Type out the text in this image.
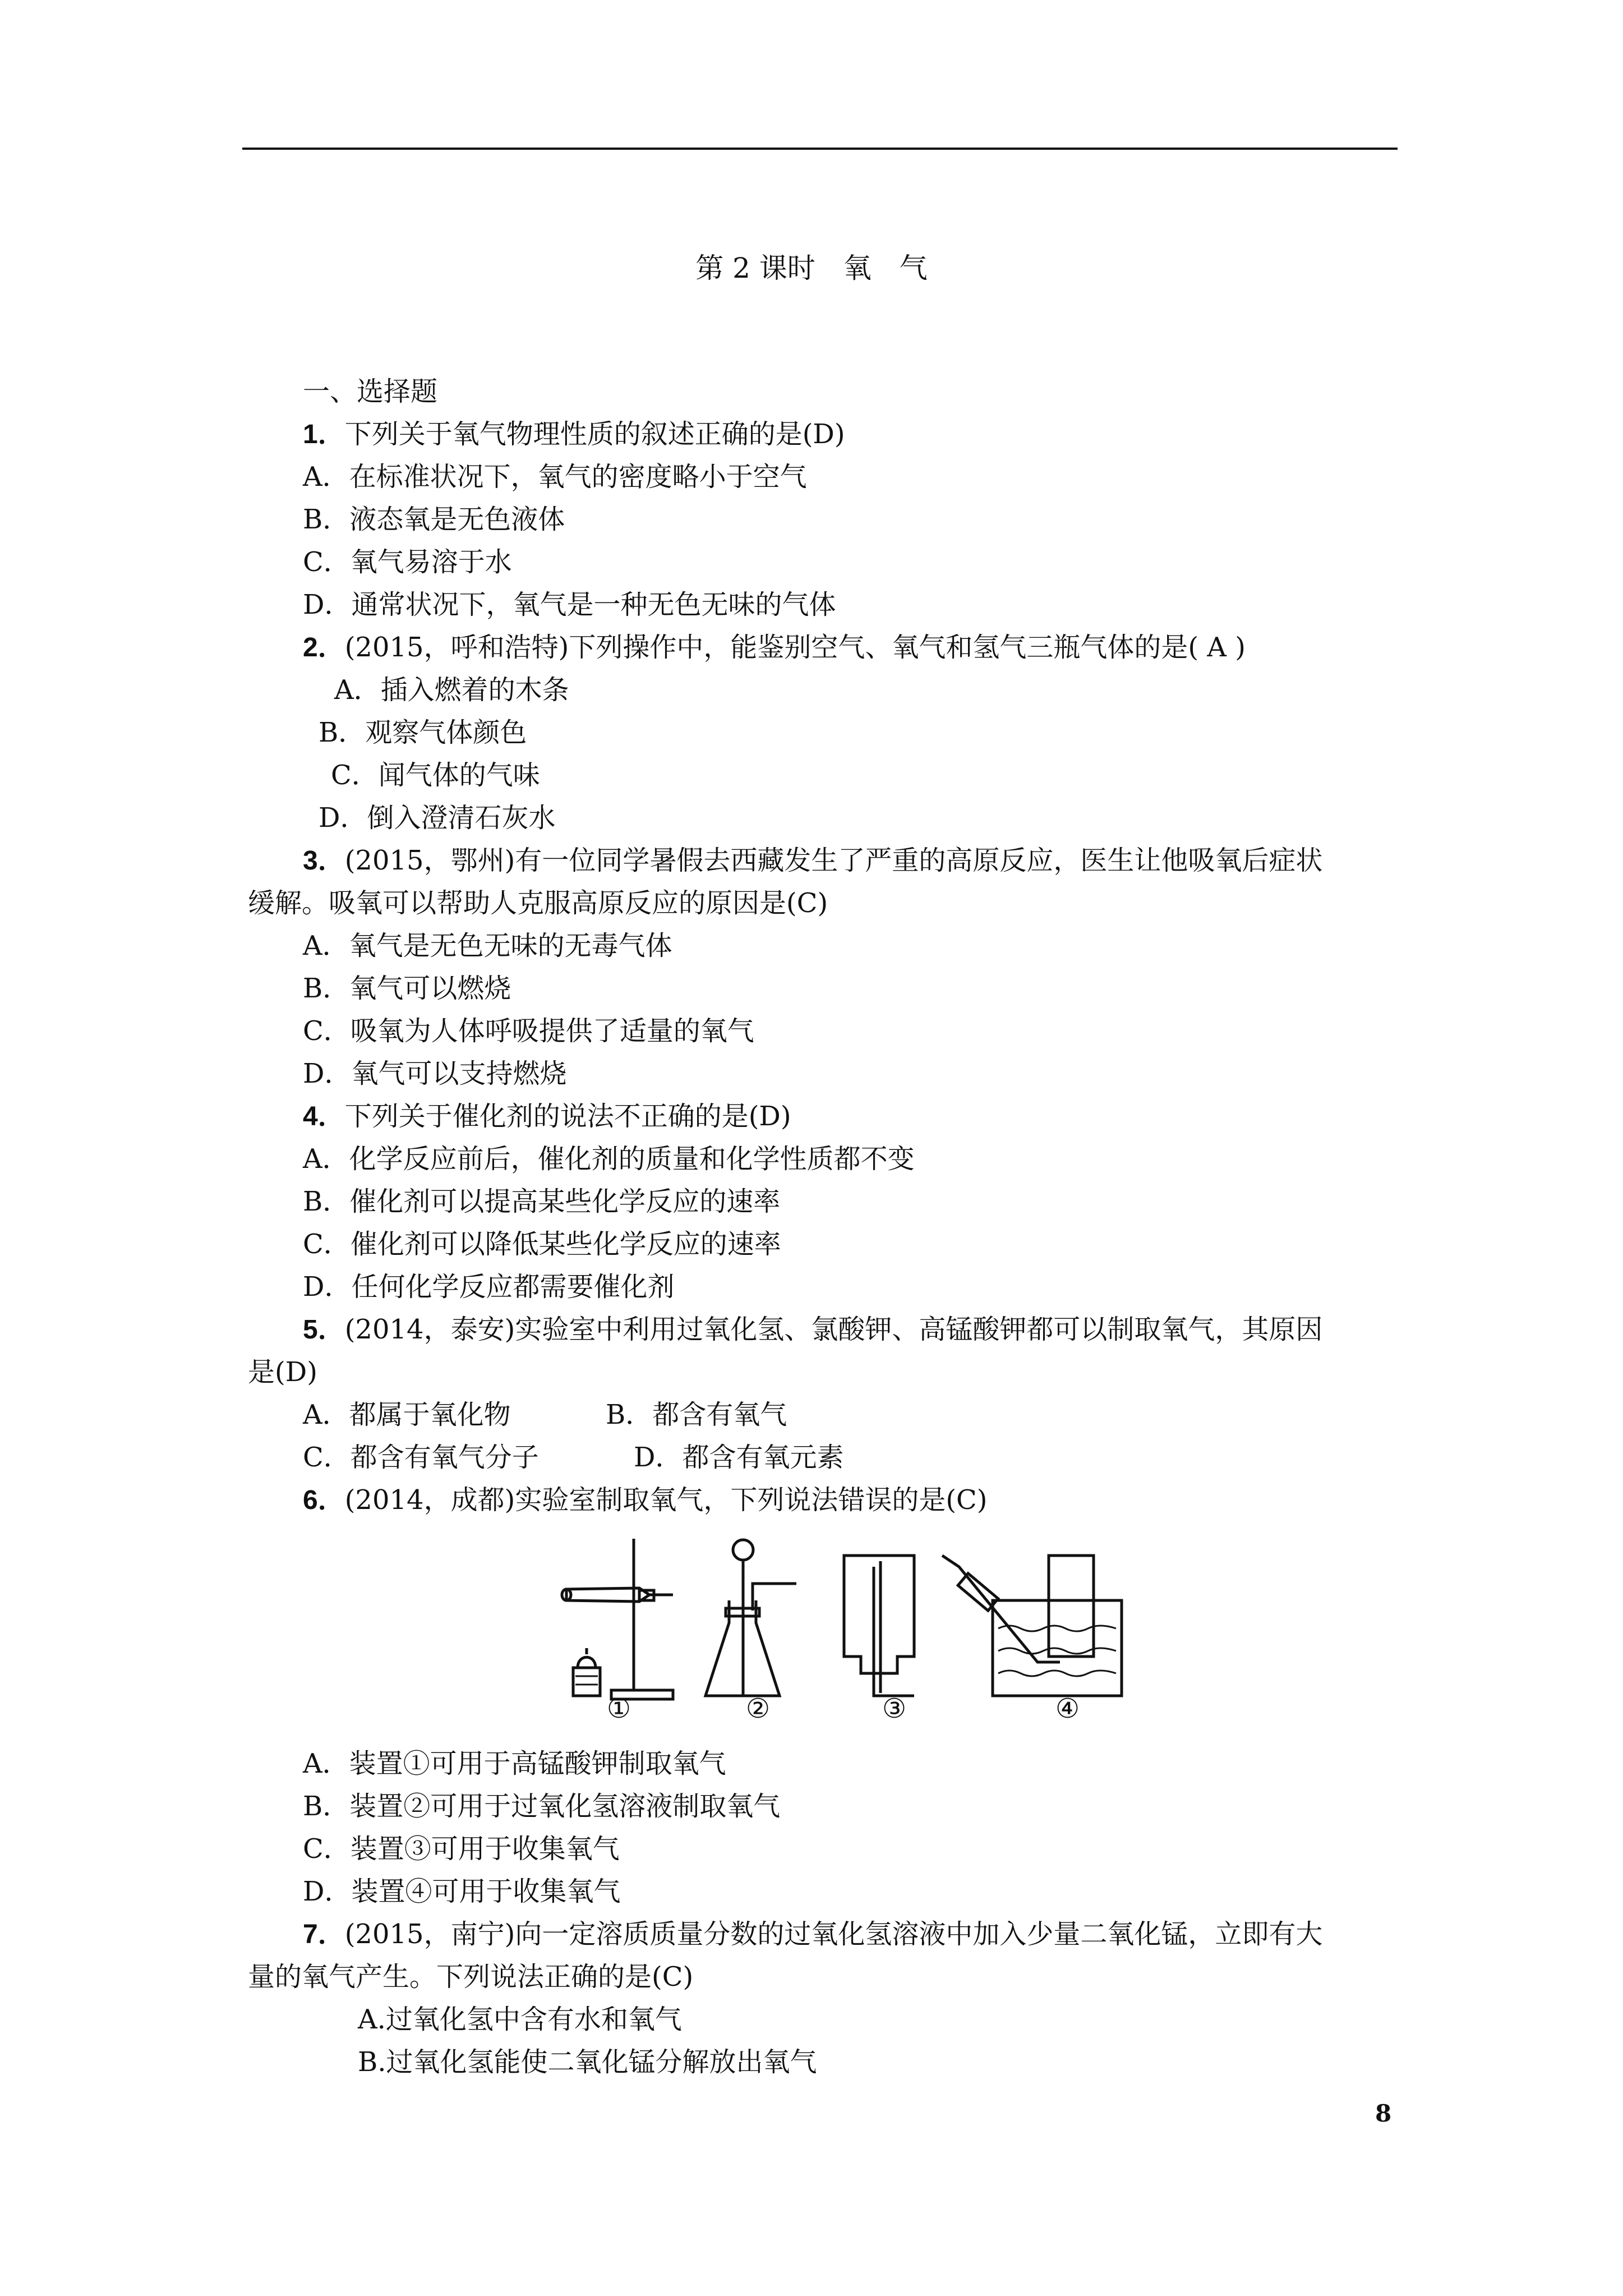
第 2 课时　氧　气
一、选择题
1．下列关于氧气物理性质的叙述正确的是(D)
A．在标准状况下，氧气的密度略小于空气
B．液态氧是无色液体
C．氧气易溶于水
D．通常状况下，氧气是一种无色无味的气体
2．(2015，呼和浩特)下列操作中，能鉴别空气、氧气和氢气三瓶气体的是( A )
A．插入燃着的木条
B．观察气体颜色
C．闻气体的气味
D．倒入澄清石灰水
3．(2015，鄂州)有一位同学暑假去西藏发生了严重的高原反应，医生让他吸氧后症状
缓解。吸氧可以帮助人克服高原反应的原因是(C)
A．氧气是无色无味的无毒气体
B．氧气可以燃烧
C．吸氧为人体呼吸提供了适量的氧气
D．氧气可以支持燃烧
4．下列关于催化剂的说法不正确的是(D)
A．化学反应前后，催化剂的质量和化学性质都不变
B．催化剂可以提高某些化学反应的速率
C．催化剂可以降低某些化学反应的速率
D．任何化学反应都需要催化剂
5．(2014，泰安)实验室中利用过氧化氢、氯酸钾、高锰酸钾都可以制取氧气，其原因
是(D)
A．都属于氧化物	B．都含有氧气
C．都含有氧气分子	D．都含有氧元素
6．(2014，成都)实验室制取氧气，下列说法错误的是(C)
①	②	③	④
A．装置①可用于高锰酸钾制取氧气
B．装置②可用于过氧化氢溶液制取氧气
C．装置③可用于收集氧气
D．装置④可用于收集氧气
7．(2015，南宁)向一定溶质质量分数的过氧化氢溶液中加入少量二氧化锰，立即有大
量的氧气产生。下列说法正确的是(C)
A.过氧化氢中含有水和氧气
B.过氧化氢能使二氧化锰分解放出氧气
8
